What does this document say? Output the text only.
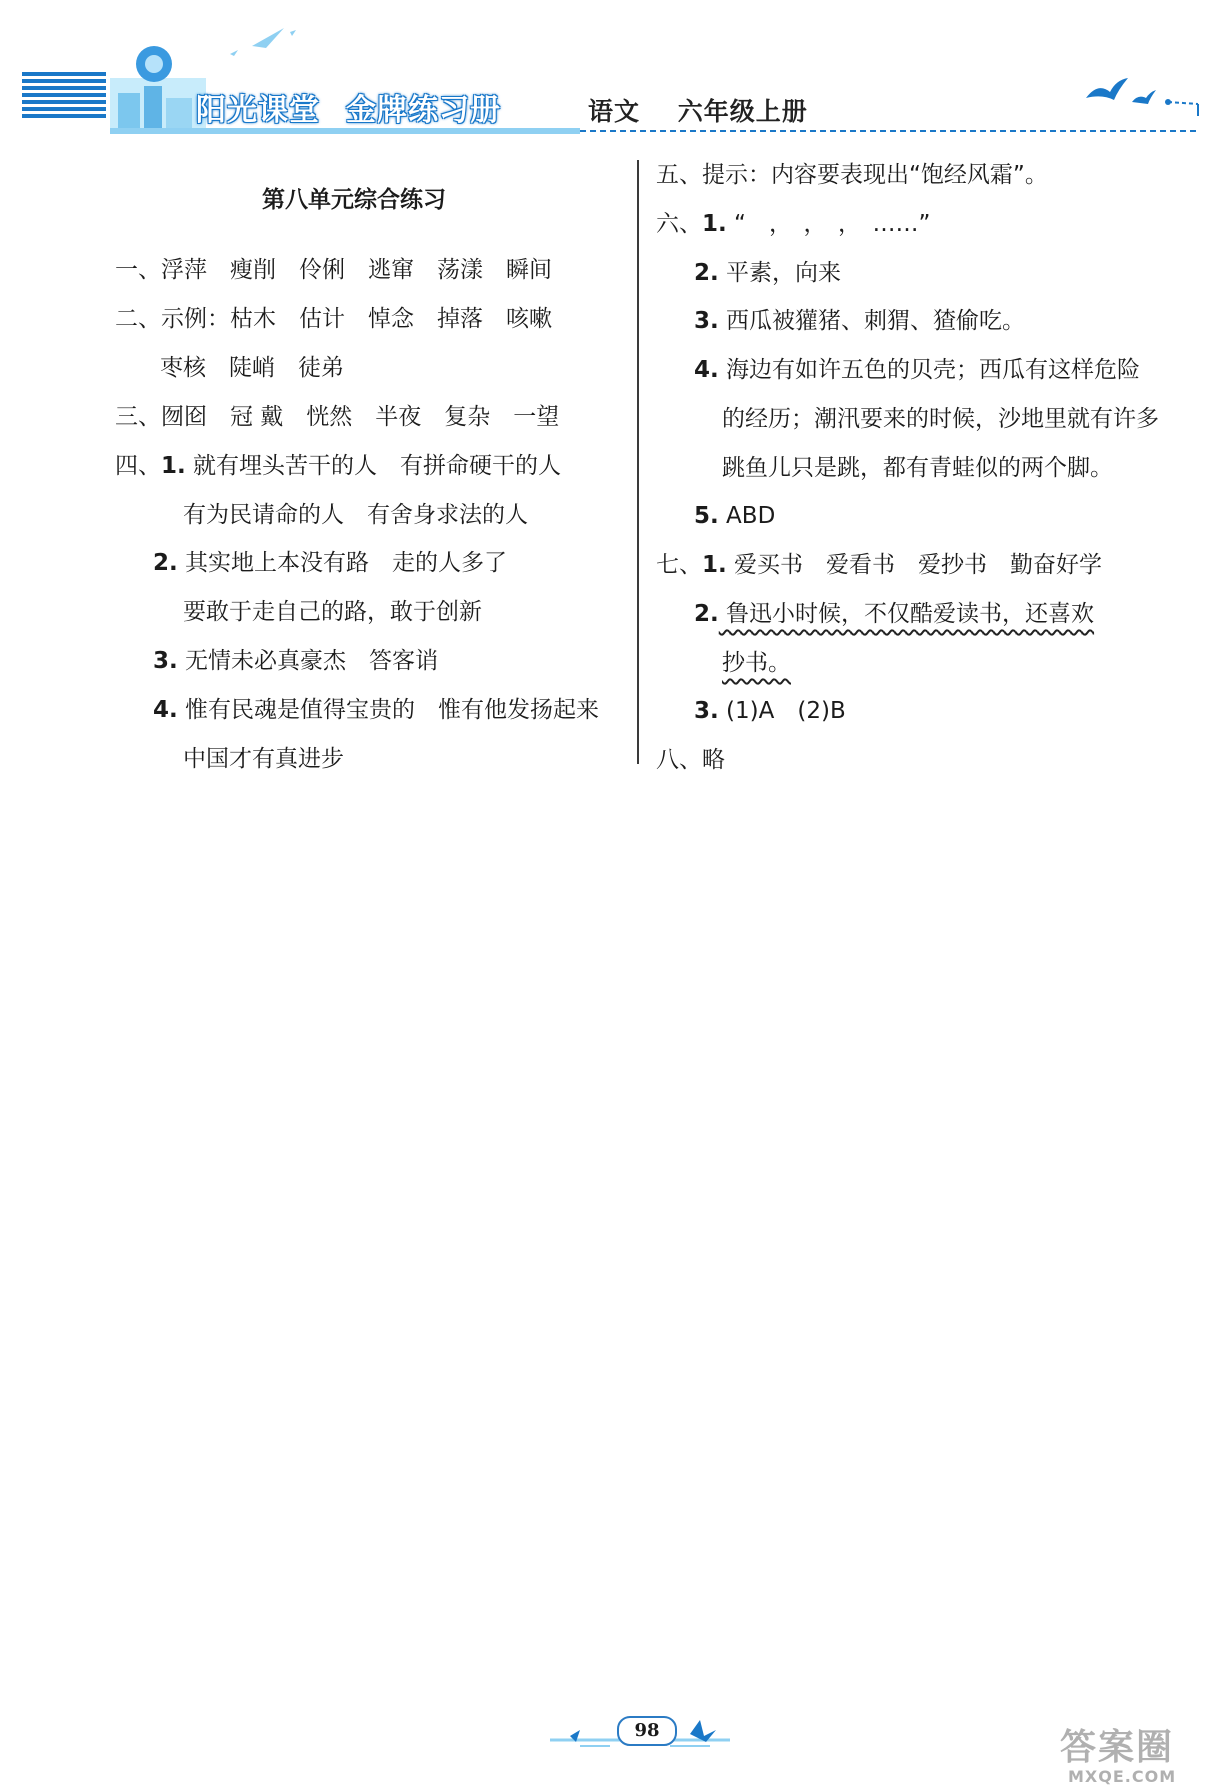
阳光课堂 金牌练习册	语文 六年级上册
第八单元综合练习
一、浮萍　瘦削　伶俐　逃窜　荡漾　瞬间
二、示例：枯木　估计　悼念　掉落　咳嗽
枣核　陡峭　徒弟
三、囫囵　冠 戴　恍然　半夜　复杂　一望
四、1. 就有埋头苦干的人　有拼命硬干的人
有为民请命的人　有舍身求法的人
2. 其实地上本没有路　走的人多了
要敢于走自己的路，敢于创新
3. 无情未必真豪杰　答客诮
4. 惟有民魂是值得宝贵的　惟有他发扬起来
中国才有真进步
五、提示：内容要表现出“饱经风霜”。
六、1. “　，　，　，　……”
2. 平素，向来
3. 西瓜被獾猪、刺猬、猹偷吃。
4. 海边有如许五色的贝壳；西瓜有这样危险
的经历；潮汛要来的时候，沙地里就有许多
跳鱼儿只是跳，都有青蛙似的两个脚。
5. ABD
七、1. 爱买书　爱看书　爱抄书　勤奋好学
2. 鲁迅小时候，不仅酷爱读书，还喜欢
抄书。
3. (1)A　(2)B
八、略
98	答案圈
MXQE.COM
